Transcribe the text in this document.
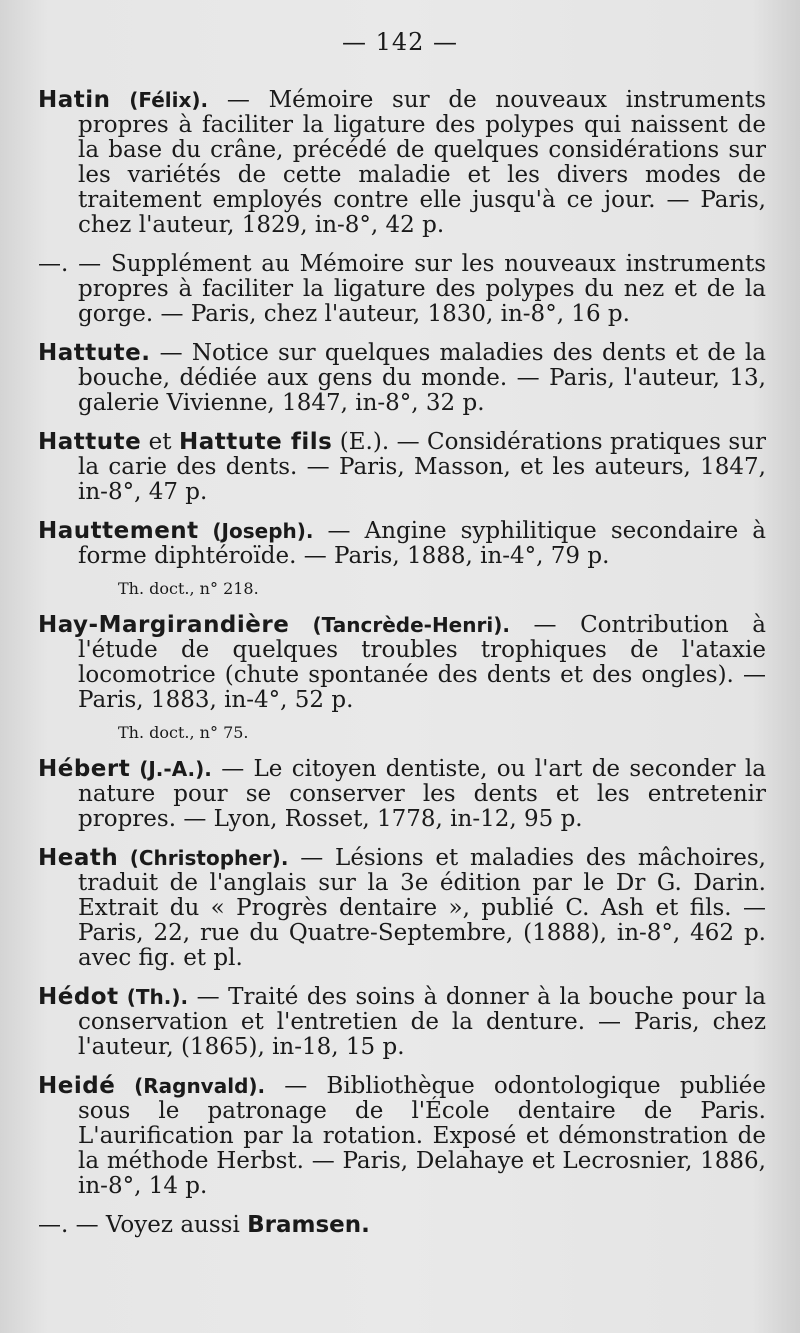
— 142 —
Hatin (Félix). — Mémoire sur de nouveaux instruments propres à faciliter la ligature des polypes qui naissent de la base du crâne, précédé de quelques considérations sur les variétés de cette maladie et les divers modes de traitement employés contre elle jusqu'à ce jour. — Paris, chez l'auteur, 1829, in-8°, 42 p.
—. — Supplément au Mémoire sur les nouveaux instruments propres à faciliter la ligature des polypes du nez et de la gorge. — Paris, chez l'auteur, 1830, in-8°, 16 p.
Hattute. — Notice sur quelques maladies des dents et de la bouche, dédiée aux gens du monde. — Paris, l'auteur, 13, galerie Vivienne, 1847, in-8°, 32 p.
Hattute et Hattute fils (E.). — Considérations pratiques sur la carie des dents. — Paris, Masson, et les auteurs, 1847, in-8°, 47 p.
Hauttement (Joseph). — Angine syphilitique secondaire à forme diphtéroïde. — Paris, 1888, in-4°, 79 p.
Th. doct., n° 218.
Hay-Margirandière (Tancrède-Henri). — Contribution à l'étude de quelques troubles trophiques de l'ataxie locomotrice (chute spontanée des dents et des ongles). — Paris, 1883, in-4°, 52 p.
Th. doct., n° 75.
Hébert (J.-A.). — Le citoyen dentiste, ou l'art de seconder la nature pour se conserver les dents et les entretenir propres. — Lyon, Rosset, 1778, in-12, 95 p.
Heath (Christopher). — Lésions et maladies des mâchoires, traduit de l'anglais sur la 3e édition par le Dr G. Darin. Extrait du « Progrès dentaire », publié C. Ash et fils. — Paris, 22, rue du Quatre-Septembre, (1888), in-8°, 462 p. avec fig. et pl.
Hédot (Th.). — Traité des soins à donner à la bouche pour la conservation et l'entretien de la denture. — Paris, chez l'auteur, (1865), in-18, 15 p.
Heidé (Ragnvald). — Bibliothèque odontologique publiée sous le patronage de l'École dentaire de Paris. L'aurification par la rotation. Exposé et démonstration de la méthode Herbst. — Paris, Delahaye et Lecrosnier, 1886, in-8°, 14 p.
—. — Voyez aussi Bramsen.
